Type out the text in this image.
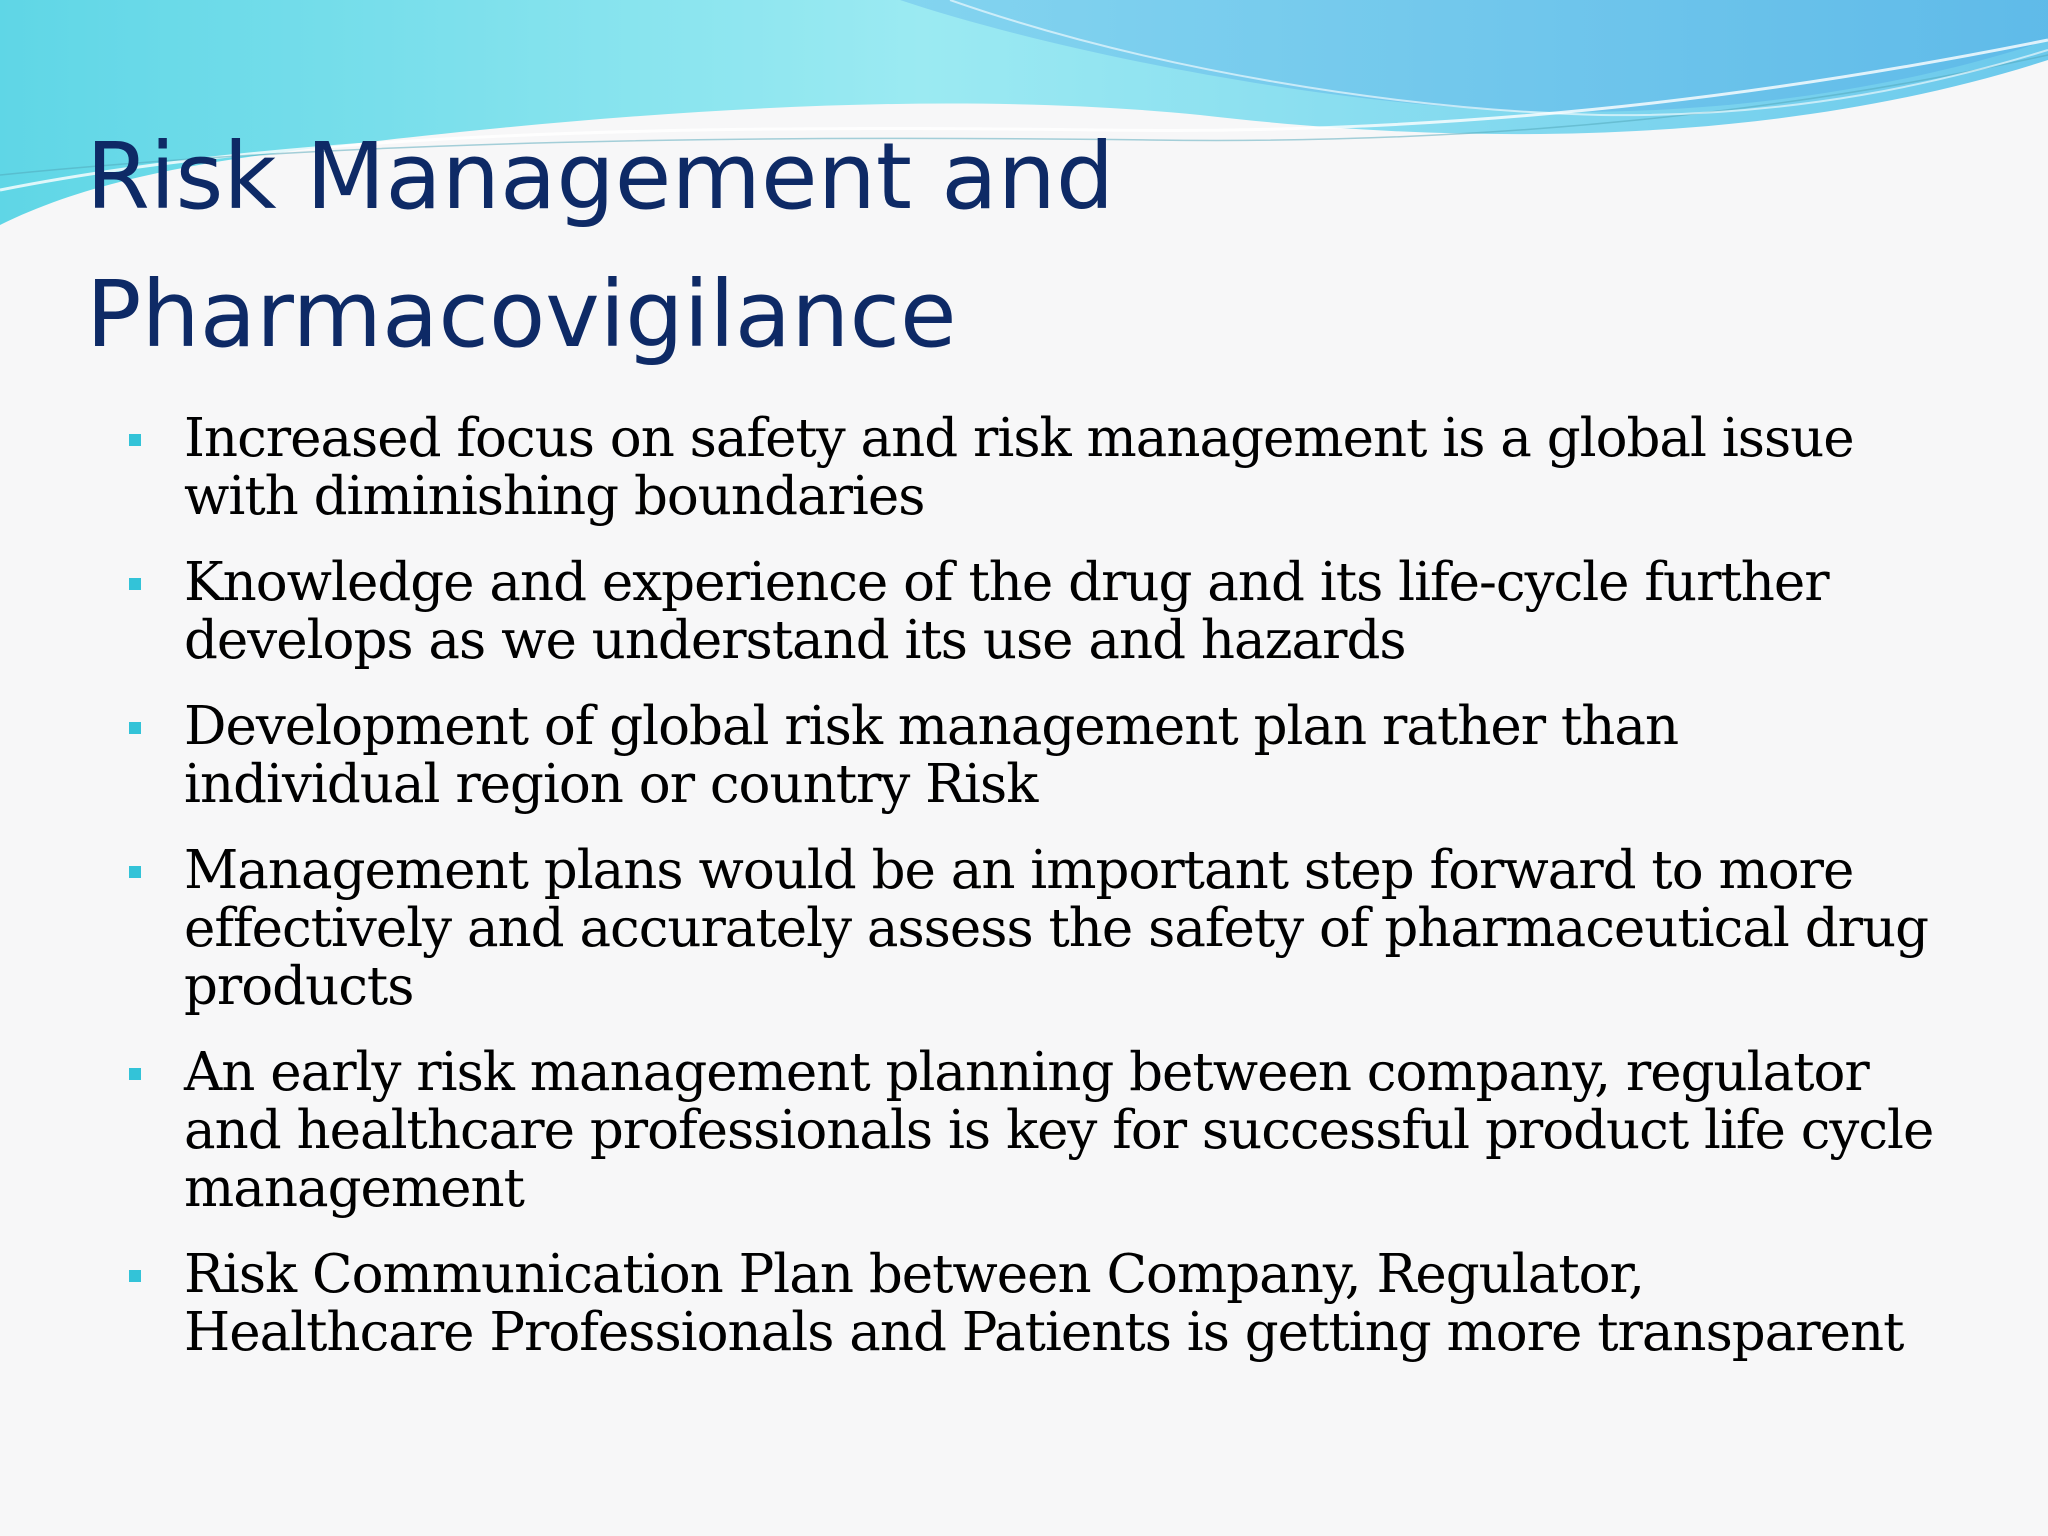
Risk Management and
Pharmacovigilance
Increased focus on safety and risk management is a global issue
with diminishing boundaries
Knowledge and experience of the drug and its life-cycle further
develops as we understand its use and hazards
Development of global risk management plan rather than
individual region or country Risk
Management plans would be an important step forward to more
effectively and accurately assess the safety of pharmaceutical drug
products
An early risk management planning between company, regulator
and healthcare professionals is key for successful product life cycle
management
Risk Communication Plan between Company, Regulator,
Healthcare Professionals and Patients is getting more transparent
